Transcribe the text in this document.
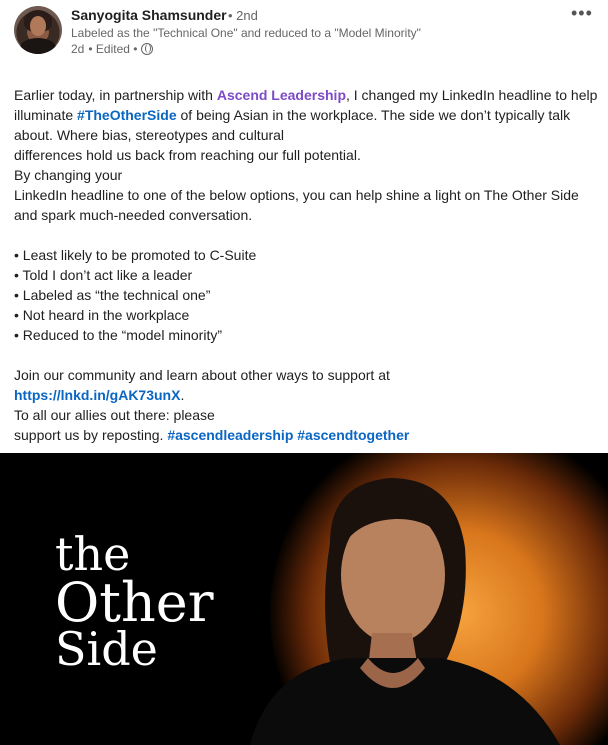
Sanyogita Shamsunder • 2nd
Labeled as the "Technical One" and reduced to a "Model Minority"
2d • Edited •
•••

Earlier today, in partnership with Ascend Leadership, I changed my LinkedIn headline to help illuminate #TheOtherSide of being Asian in the workplace. The side we don’t typically talk about. Where bias, stereotypes and cultural

differences hold us back from reaching our full potential.

By changing your

LinkedIn headline to one of the below options, you can help shine a light on The Other Side and spark much-needed conversation.

• Least likely to be promoted to C-Suite

• Told I don’t act like a leader

• Labeled as “the technical one”

• Not heard in the workplace

• Reduced to the “model minority”

Join our community and learn about other ways to support at

https://lnkd.in/gAK73unX.

To all our allies out there: please

support us by reposting. #ascendleadership #ascendtogether

the
Other
Side
